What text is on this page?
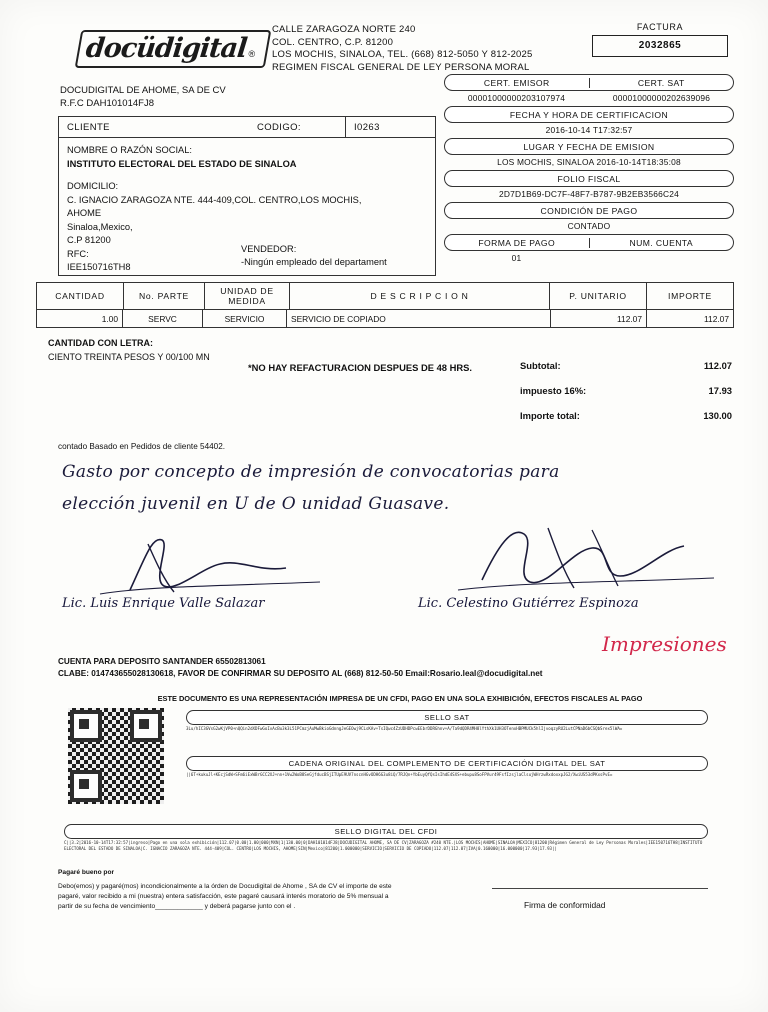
docüdigital ®
CALLE ZARAGOZA NORTE 240
COL. CENTRO, C.P. 81200
LOS MOCHIS, SINALOA, TEL. (668) 812-5050 Y 812-2025
REGIMEN FISCAL GENERAL DE LEY PERSONA MORAL
FACTURA
2032865
DOCUDIGITAL DE AHOME, SA DE CV
R.F.C DAH101014FJ8
CLIENTE	CODIGO:	I0263
NOMBRE O RAZÓN SOCIAL:
INSTITUTO ELECTORAL DEL ESTADO DE SINALOA
DOMICILIO:
C. IGNACIO ZARAGOZA NTE. 444-409,COL. CENTRO,LOS MOCHIS,
AHOME
Sinaloa,Mexico,
C.P 81200
RFC:
IEE150716TH8
VENDEDOR:
-Ningún empleado del departament
CERT. EMISOR	CERT. SAT
00001000000203107974	00001000000202639096
FECHA Y HORA DE CERTIFICACION
2016-10-14 T17:32:57
LUGAR Y FECHA DE EMISION
LOS MOCHIS, SINALOA 2016-10-14T18:35:08
FOLIO FISCAL
2D7D1B69-DC7F-48F7-B787-9B2EB3566C24
CONDICIÓN DE PAGO
CONTADO
FORMA DE PAGO	NUM. CUENTA
01
CANTIDAD	No. PARTE	UNIDAD DE MEDIDA	D E S C R I P C I O N	P. UNITARIO	IMPORTE
1.00	SERVC	SERVICIO	SERVICIO DE COPIADO	112.07	112.07
CANTIDAD CON LETRA:
CIENTO TREINTA PESOS Y 00/100 MN
*NO HAY REFACTURACION DESPUES DE 48 HRS.	Subtotal:	112.07
impuesto 16%:	17.93
Importe total:	130.00
contado Basado en Pedidos de cliente 54402.
Gasto por concepto de impresión de convocatorias para
elección juvenil en U de O unidad Guasave.
Lic. Luis Enrique Valle Salazar	Lic. Celestino Gutiérrez Espinoza
Impresiones
CUENTA PARA DEPOSITO SANTANDER 65502813061
CLABE: 014743655028130618, FAVOR DE CONFIRMAR SU DEPOSITO AL (668) 812-50-50 Email:Rosario.leal@docudigital.net
ESTE DOCUMENTO ES UNA REPRESENTACIÓN IMPRESA DE UN CFDI, PAGO EN UNA SOLA EXHIBICIÓN, EFECTOS FISCALES AL PAGO
SELLO SAT
3Lu/hIC3GVsG2wKjVP0+nQQin2dXDFwGoIvAcBu3k3L51PCmzjAuMwBkioGdnngJeGEOwj9CLsKAv+TsIQwc4ZzUDHDPcwEEbrDDRGhnv+A/Ta9dQDR4MH8lYthXk1UH3OTenxHBPMUCk5hlIjvoqzyRU2LutCPNaD6bCSQbSrex5lWA=
CADENA ORIGINAL DEL COMPLEMENTO DE CERTIFICACIÓN DIGITAL DEL SAT
||6T+kukuJl+KEcjSdW+SFm6iExWBrGCC2XJ+nn+1Vw2WoB8SeGjfducBSjITUpE9UV7nscnHGvODH6G3u8iQ/7RJQn+YbEuyQfQsIsIhdE4SXS+ebupu8SoFPVur49FsfIzsjlaClsujWHrzwRxdoxxpJG2/XwiUS53dPKxsPvE=
SELLO DIGITAL DEL CFDI
C||3.2|2016-10-14T17:32:57|ingreso|Pago en una sola exhibición|112.07|0.00|1.00|000|MXN|1|130.00|0|DAH101014FJ8|DOCUDIGITAL AHOME, SA DE CV|ZARAGOZA #240 NTE.|LOS MOCHIS|AHOME|SINALOA|MEXICO|81200|Régimen General de Ley Personas Morales|IEE150716TH8|INSTITUTO ELECTORAL DEL ESTADO DE SINALOA|C. IGNACIO ZARAGOZA NTE. 444-409|COL. CENTRO|LOS MOCHIS, AHOME|SIN|Mexico|81200|1.000000|SERVICIO|SERVICIO DE COPIADO|112.07|112.07|IVA|0.160000|16.000000|17.93|17.93||
Pagaré bueno por
Debo(emos) y pagaré(mos) incondicionalmente a la órden de Docudigital de Ahome , SA de CV el importe de este pagaré, valor recibido a mi (nuestra) entera satisfacción, este pagaré causará interés moratorio de 5% mensual a partir de su fecha de vencimiento_____________ y deberá pagarse junto con el .	Firma de conformidad
